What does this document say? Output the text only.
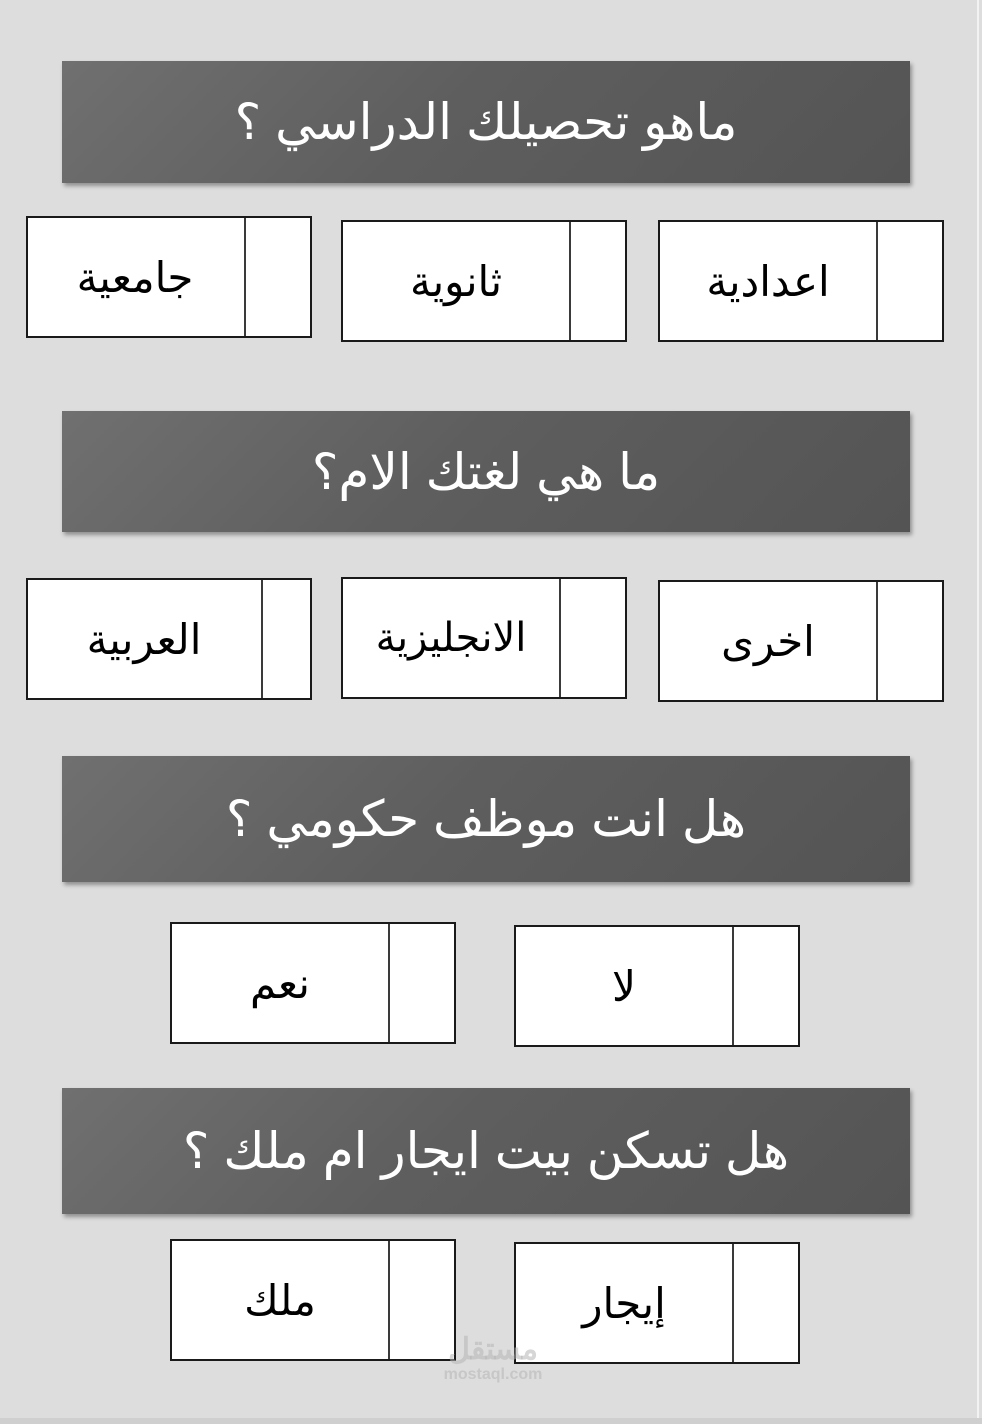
ماهو تحصيلك الدراسي ؟
اعدادية
ثانوية
جامعية
ما هي لغتك الام؟
اخرى
الانجليزية
العربية
هل انت موظف حكومي ؟
لا
نعم
هل تسكن بيت ايجار ام ملك ؟
إيجار
ملك
مستقل
mostaql.com
